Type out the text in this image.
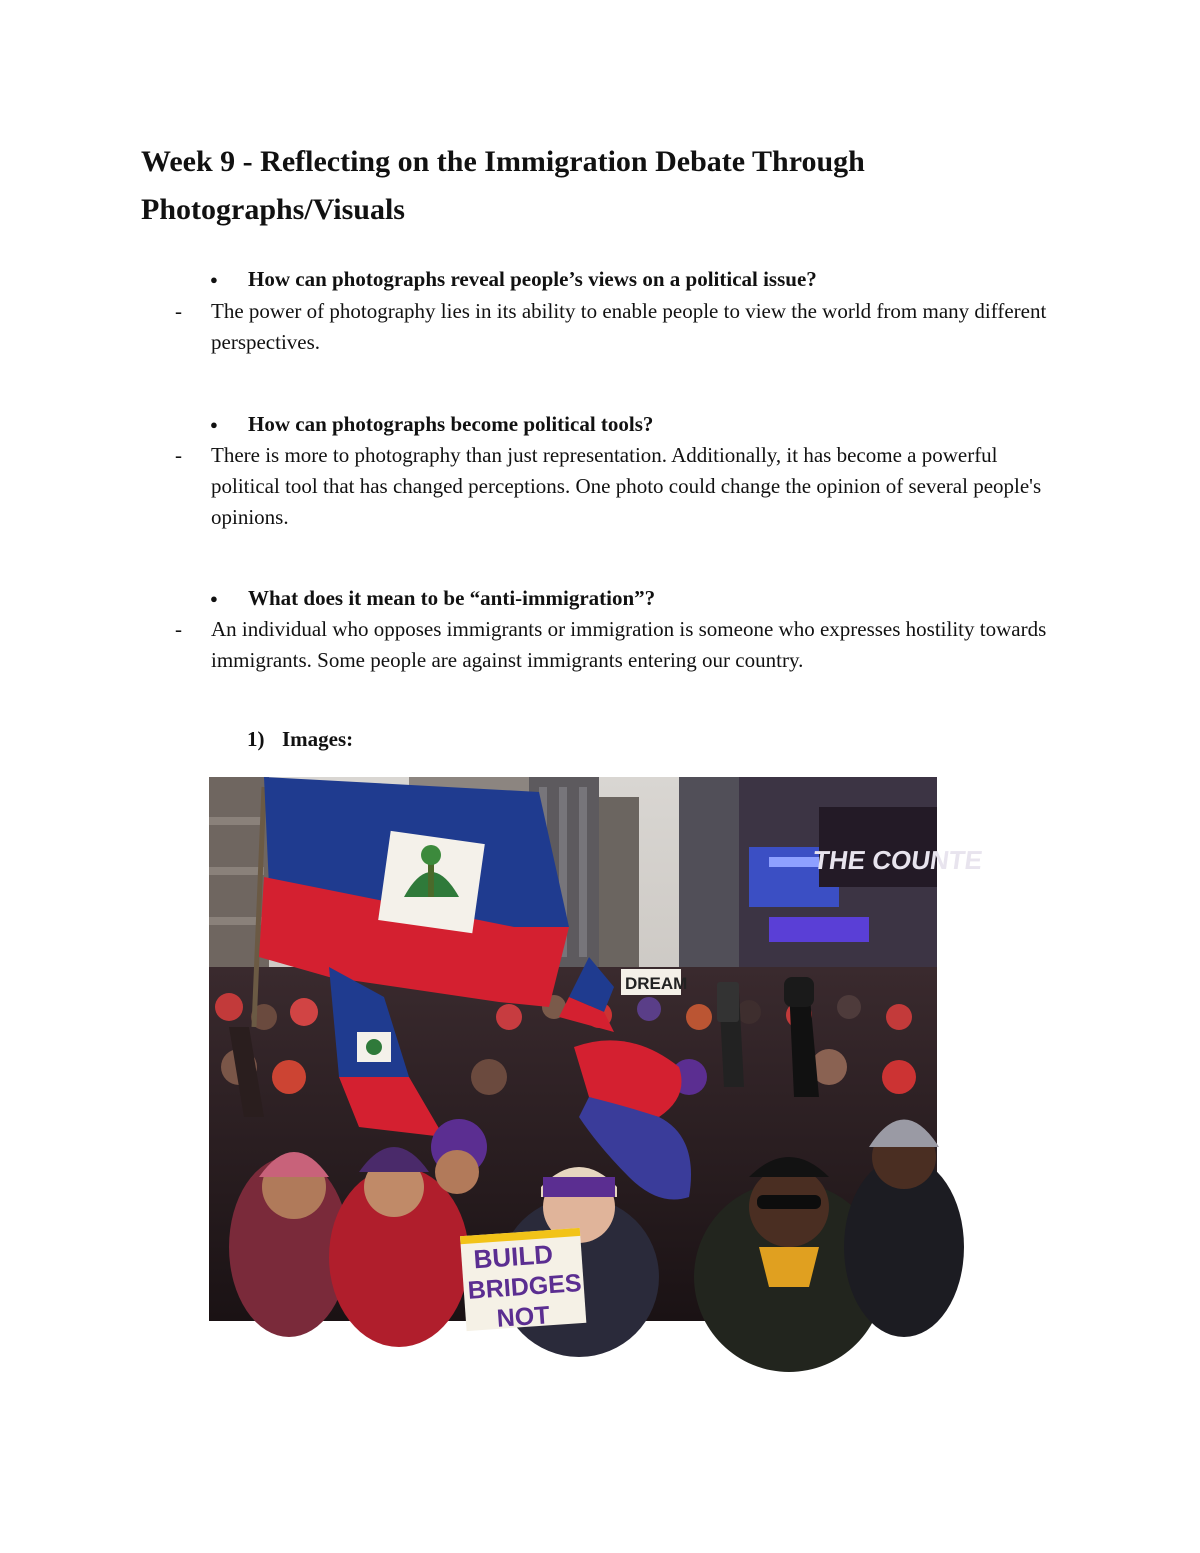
Week 9 - Reflecting on the Immigration Debate Through Photographs/Visuals

● How can photographs reveal people’s views on a political issue?

- The power of photography lies in its ability to enable people to view the world from many different perspectives.

● How can photographs become political tools?

- There is more to photography than just representation. Additionally, it has become a powerful political tool that has changed perceptions. One photo could change the opinion of several people's opinions.

● What does it mean to be “anti-immigration”?

- An individual who opposes immigrants or immigration is someone who expresses hostility towards immigrants. Some people are against immigrants entering our country.

1) Images:

THE COUNTE
DREAM
BUILD
BRIDGES
NOT
